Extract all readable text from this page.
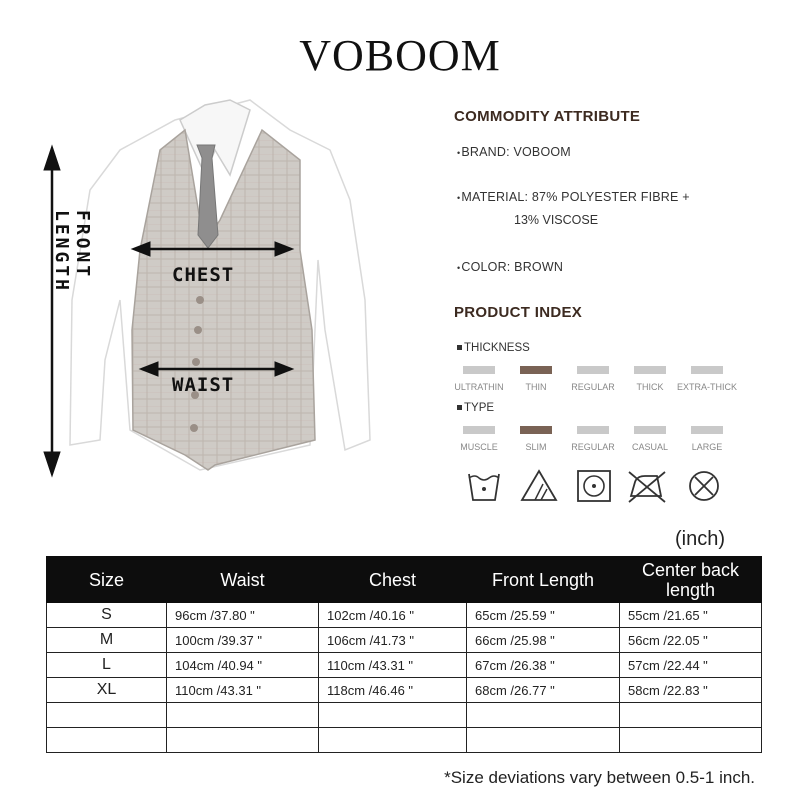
VOBOOM
FRONT LENGTH	CHEST
WAIST
COMMODITY ATTRIBUTE
•BRAND: VOBOOM
•MATERIAL: 87% POLYESTER FIBRE +
13% VISCOSE
•COLOR: BROWN
PRODUCT INDEX
THICKNESS
ULTRATHIN	THIN	REGULAR	THICK	EXTRA-THICK
TYPE
MUSCLE	SLIM	REGULAR	CASUAL	LARGE
(inch)
Size	Waist	Chest	Front Length	Center back length
S	96cm /37.80 "	102cm /40.16 "	65cm /25.59 "	55cm /21.65 "
M	100cm /39.37 "	106cm /41.73 "	66cm /25.98 "	56cm /22.05 "
L	104cm /40.94 "	110cm /43.31 "	67cm /26.38 "	57cm /22.44 "
XL	110cm /43.31 "	118cm /46.46 "	68cm /26.77 "	58cm /22.83 "

*Size deviations vary between 0.5-1 inch.
